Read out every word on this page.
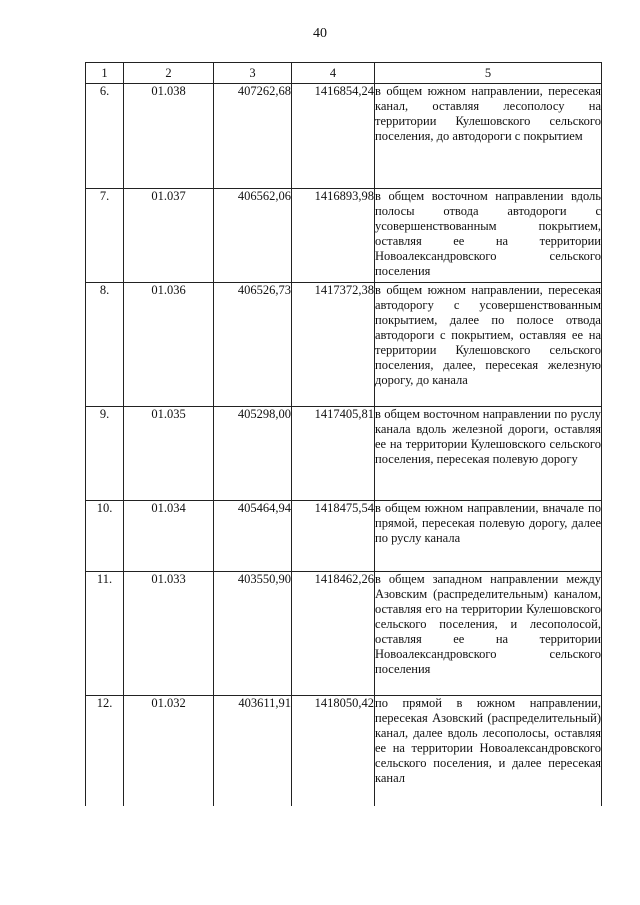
40
1	2	3	4	5
6.	01.038	407262,68	1416854,24	в общем южном направлении, пересекая канал, оставляя лесополосу на территории Кулешовского сельского поселения, до автодороги с покрытием
7.	01.037	406562,06	1416893,98	в общем восточном направлении вдоль полосы отвода автодороги с усовершенствованным покрытием, оставляя ее на территории Новоалександровского сельского поселения
8.	01.036	406526,73	1417372,38	в общем южном направлении, пересекая автодорогу с усовершенствованным покрытием, далее по полосе отвода автодороги с покрытием, оставляя ее на территории Кулешовского сельского поселения, далее, пересекая железную дорогу, до канала
9.	01.035	405298,00	1417405,81	в общем восточном направлении по руслу канала вдоль железной дороги, оставляя ее на территории Кулешовского сельского поселения, пересекая полевую дорогу
10.	01.034	405464,94	1418475,54	в общем южном направлении, вначале по прямой, пересекая полевую дорогу, далее по руслу канала
11.	01.033	403550,90	1418462,26	в общем западном направлении между Азовским (распределительным) каналом, оставляя его на территории Кулешовского сельского поселения, и лесополосой, оставляя ее на территории Новоалександровского сельского поселения
12.	01.032	403611,91	1418050,42	по прямой в южном направлении, пересекая Азовский (распределительный) канал, далее вдоль лесополосы, оставляя ее на территории Новоалександровского сельского поселения, и далее пересекая канал
